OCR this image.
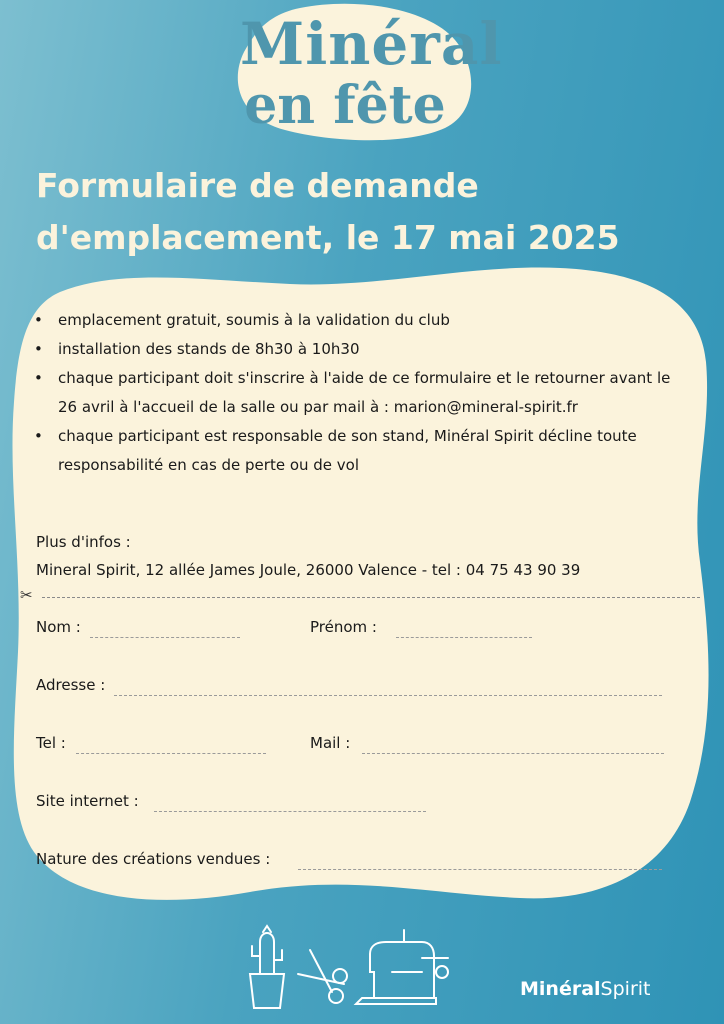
Minéral
en fête
Formulaire de demande
d'emplacement, le 17 mai 2025
• emplacement gratuit, soumis à la validation du club
• installation des stands de 8h30 à 10h30
• chaque participant doit s'inscrire à l'aide de ce formulaire et le retourner avant le 26 avril à l'accueil de la salle ou par mail à : marion@mineral-spirit.fr
• chaque participant est responsable de son stand, Minéral Spirit décline toute responsabilité en cas de perte ou de vol
Plus d'infos :
Mineral Spirit, 12 allée James Joule, 26000 Valence - tel : 04 75 43 90 39
✂
Nom :	Prénom :
Adresse :
Tel :	Mail :
Site internet :
Nature des créations vendues :
MinéralSpirit
